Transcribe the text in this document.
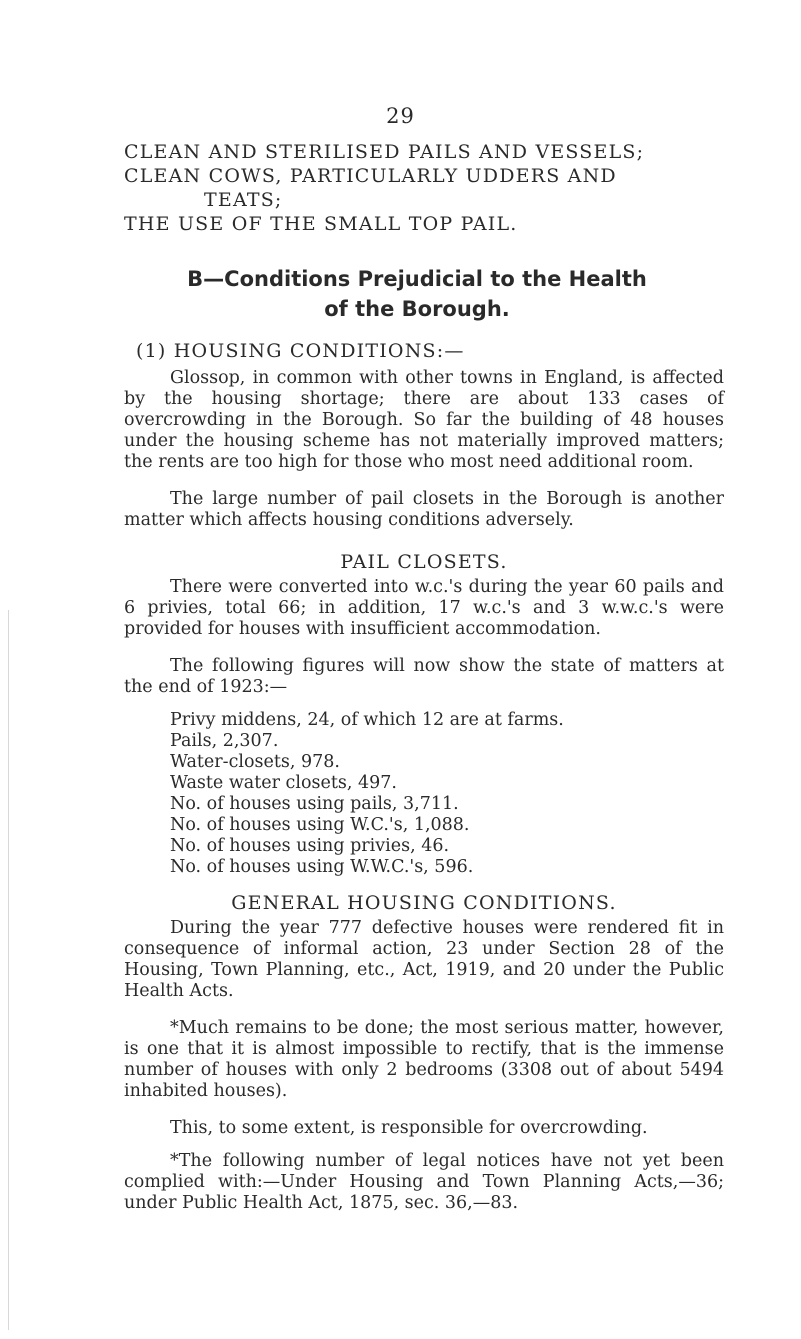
29
CLEAN AND STERILISED PAILS AND VESSELS;
CLEAN COWS, PARTICULARLY UDDERS AND
TEATS;
THE USE OF THE SMALL TOP PAIL.
B—Conditions Prejudicial to the Health
of the Borough.
(1) HOUSING CONDITIONS:—

Glossop, in common with other towns in England, is affected by the housing shortage; there are about 133 cases of overcrowding in the Borough. So far the building of 48 houses under the housing scheme has not materially improved matters; the rents are too high for those who most need additional room.

The large number of pail closets in the Borough is another matter which affects housing conditions adversely.

PAIL CLOSETS.

There were converted into w.c.'s during the year 60 pails and 6 privies, total 66; in addition, 17 w.c.'s and 3 w.w.c.'s were provided for houses with insufficient accommodation.

The following figures will now show the state of matters at the end of 1923:—

Privy middens, 24, of which 12 are at farms.
Pails, 2,307.
Water-closets, 978.
Waste water closets, 497.
No. of houses using pails, 3,711.
No. of houses using W.C.'s, 1,088.
No. of houses using privies, 46.
No. of houses using W.W.C.'s, 596.
GENERAL HOUSING CONDITIONS.

During the year 777 defective houses were rendered fit in consequence of informal action, 23 under Section 28 of the Housing, Town Planning, etc., Act, 1919, and 20 under the Public Health Acts.

*Much remains to be done; the most serious matter, however, is one that it is almost impossible to rectify, that is the immense number of houses with only 2 bedrooms (3308 out of about 5494 inhabited houses).

This, to some extent, is responsible for overcrowding.

*The following number of legal notices have not yet been complied with:—Under Housing and Town Planning Acts,—36; under Public Health Act, 1875, sec. 36,—83.
